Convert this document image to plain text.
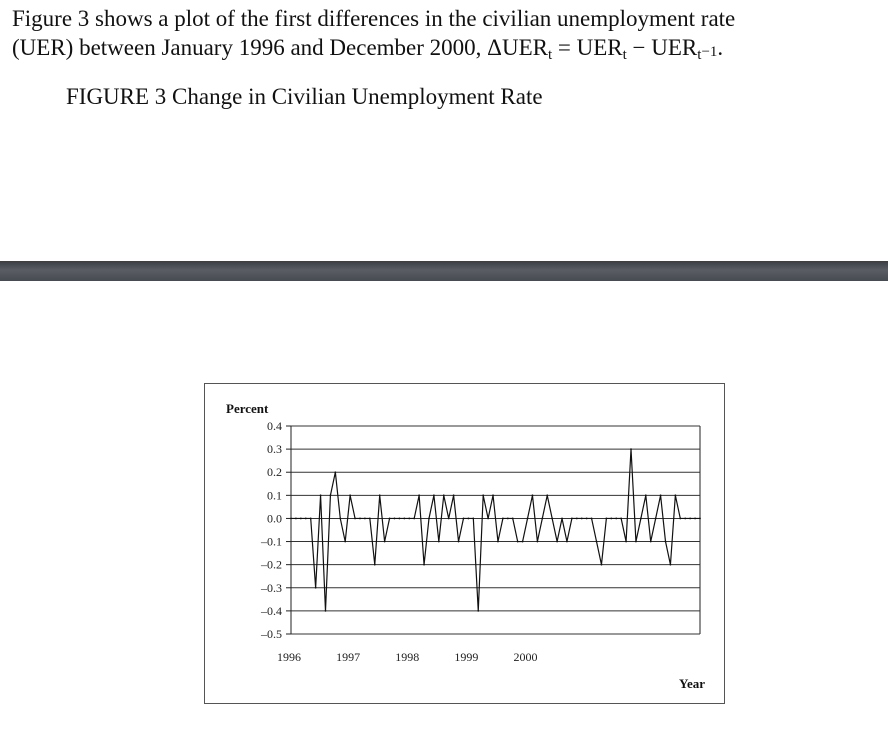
Figure 3 shows a plot of the first differences in the civilian unemployment rate
(UER) between January 1996 and December 2000, ΔUERt = UERt − UERt−1.

FIGURE 3 Change in Civilian Unemployment Rate

Percent
Year
0.4
0.3
0.2
0.1
0.0
–0.1
–0.2
–0.3
–0.4
–0.5
1996	1997	1998	1999	2000
